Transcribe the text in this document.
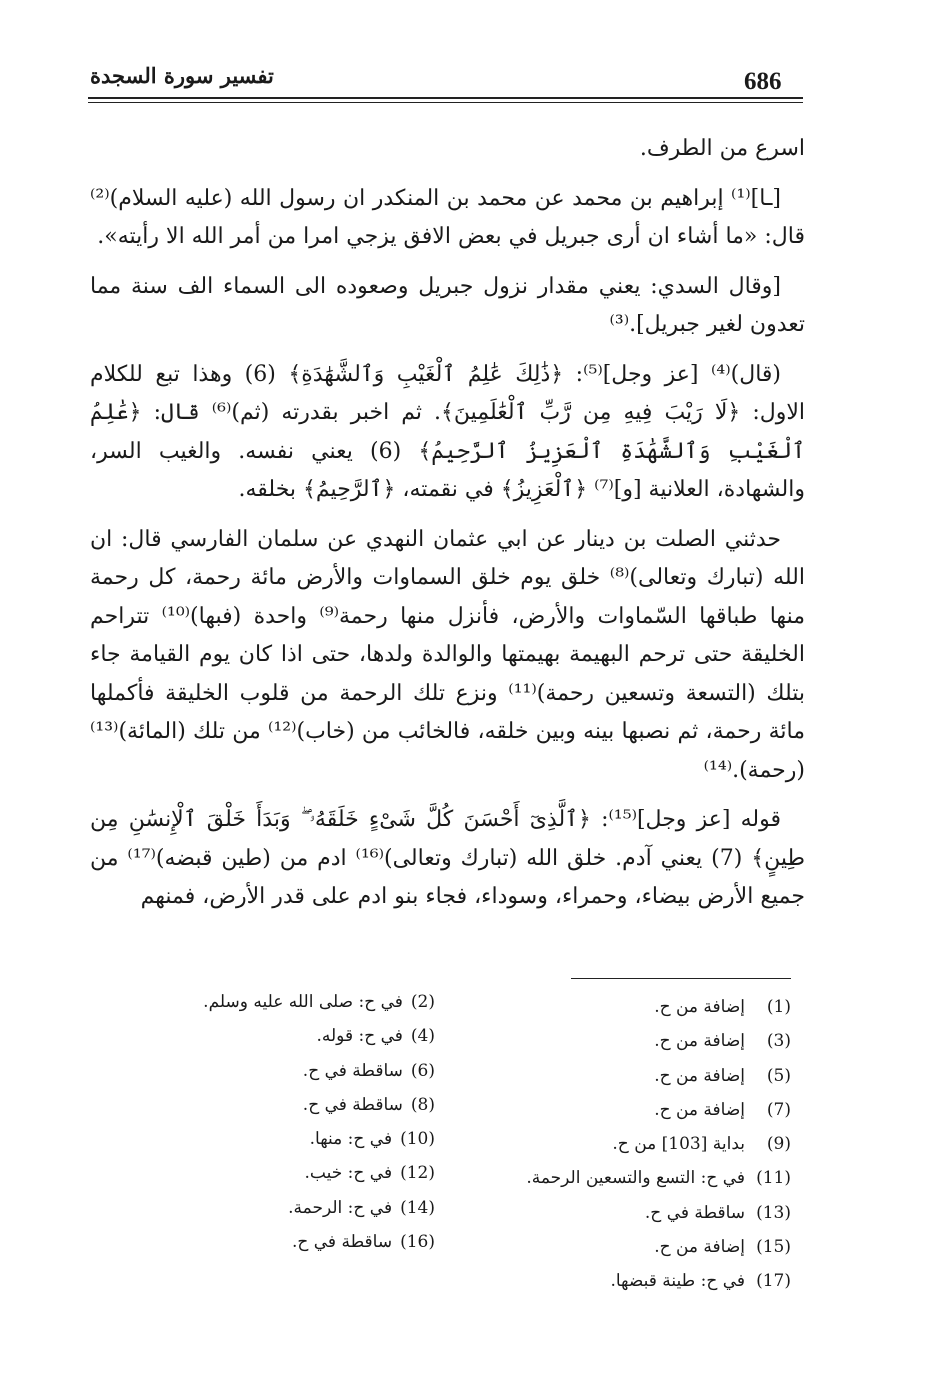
686
تفسير سورة السجدة

اسرع من الطرف.

[ـا]⁽¹⁾ إبراهيم بن محمد عن محمد بن المنكدر ان رسول الله (عليه السلام)⁽²⁾ قال: «ما أشاء ان أرى جبريل في بعض الافق يزجي امرا من أمر الله الا رأيته».

[وقال السدي: يعني مقدار نزول جبريل وصعوده الى السماء الف سنة مما تعدون لغير جبريل].⁽³⁾

(قال)⁽⁴⁾ [عز وجل]⁽⁵⁾: ﴿ذَٰلِكَ عَٰلِمُ ٱلْغَيْبِ وَٱلشَّهَٰدَةِ﴾ (6) وهذا تبع للكلام الاول: ﴿لَا رَيْبَ فِيهِ مِن رَّبِّ ٱلْعَٰلَمِينَ﴾. ثم اخبر بقدرته (ثم)⁽⁶⁾ قال: ﴿عَٰلِمُ ٱلْغَيْبِ وَٱلشَّهَٰدَةِ ٱلْعَزِيزُ ٱلرَّحِيمُ﴾ (6) يعني نفسه. والغيب السر، والشهادة، العلانية [و]⁽⁷⁾ ﴿ٱلْعَزِيزُ﴾ في نقمته، ﴿ٱلرَّحِيمُ﴾ بخلقه.

حدثني الصلت بن دينار عن ابي عثمان النهدي عن سلمان الفارسي قال: ان الله (تبارك وتعالى)⁽⁸⁾ خلق يوم خلق السماوات والأرض مائة رحمة، كل رحمة منها طباقها السّماوات والأرض، فأنزل منها رحمة⁽⁹⁾ واحدة (فبها)⁽¹⁰⁾ تتراحم الخليقة حتى ترحم البهيمة بهيمتها والوالدة ولدها، حتى اذا كان يوم القيامة جاء بتلك (التسعة وتسعين رحمة)⁽¹¹⁾ ونزع تلك الرحمة من قلوب الخليقة فأكملها مائة رحمة، ثم نصبها بينه وبين خلقه، فالخائب من (خاب)⁽¹²⁾ من تلك (المائة)⁽¹³⁾ (رحمة).⁽¹⁴⁾

قوله [عز وجل]⁽¹⁵⁾: ﴿ٱلَّذِىٓ أَحْسَنَ كُلَّ شَىْءٍ خَلَقَهُۥ ۖ وَبَدَأَ خَلْقَ ٱلْإِنسَٰنِ مِن طِينٍ﴾ (7) يعني آدم. خلق الله (تبارك وتعالى)⁽¹⁶⁾ ادم من (طين قبضه)⁽¹⁷⁾ من جميع الأرض بيضاء، وحمراء، وسوداء، فجاء بنو ادم على قدر الأرض، فمنهم

(1)إضافة من ح.
(3)إضافة من ح.
(5)إضافة من ح.
(7)إضافة من ح.
(9)بداية [103] من ح.
(11)في ح: التسع والتسعين الرحمة.
(13)ساقطة في ح.
(15)إضافة من ح.
(17)في ح: طينة قبضها.
(2)في ح: صلى الله عليه وسلم.
(4)في ح: قوله.
(6)ساقطة في ح.
(8)ساقطة في ح.
(10)في ح: منها.
(12)في ح: خيب.
(14)في ح: الرحمة.
(16)ساقطة في ح.
